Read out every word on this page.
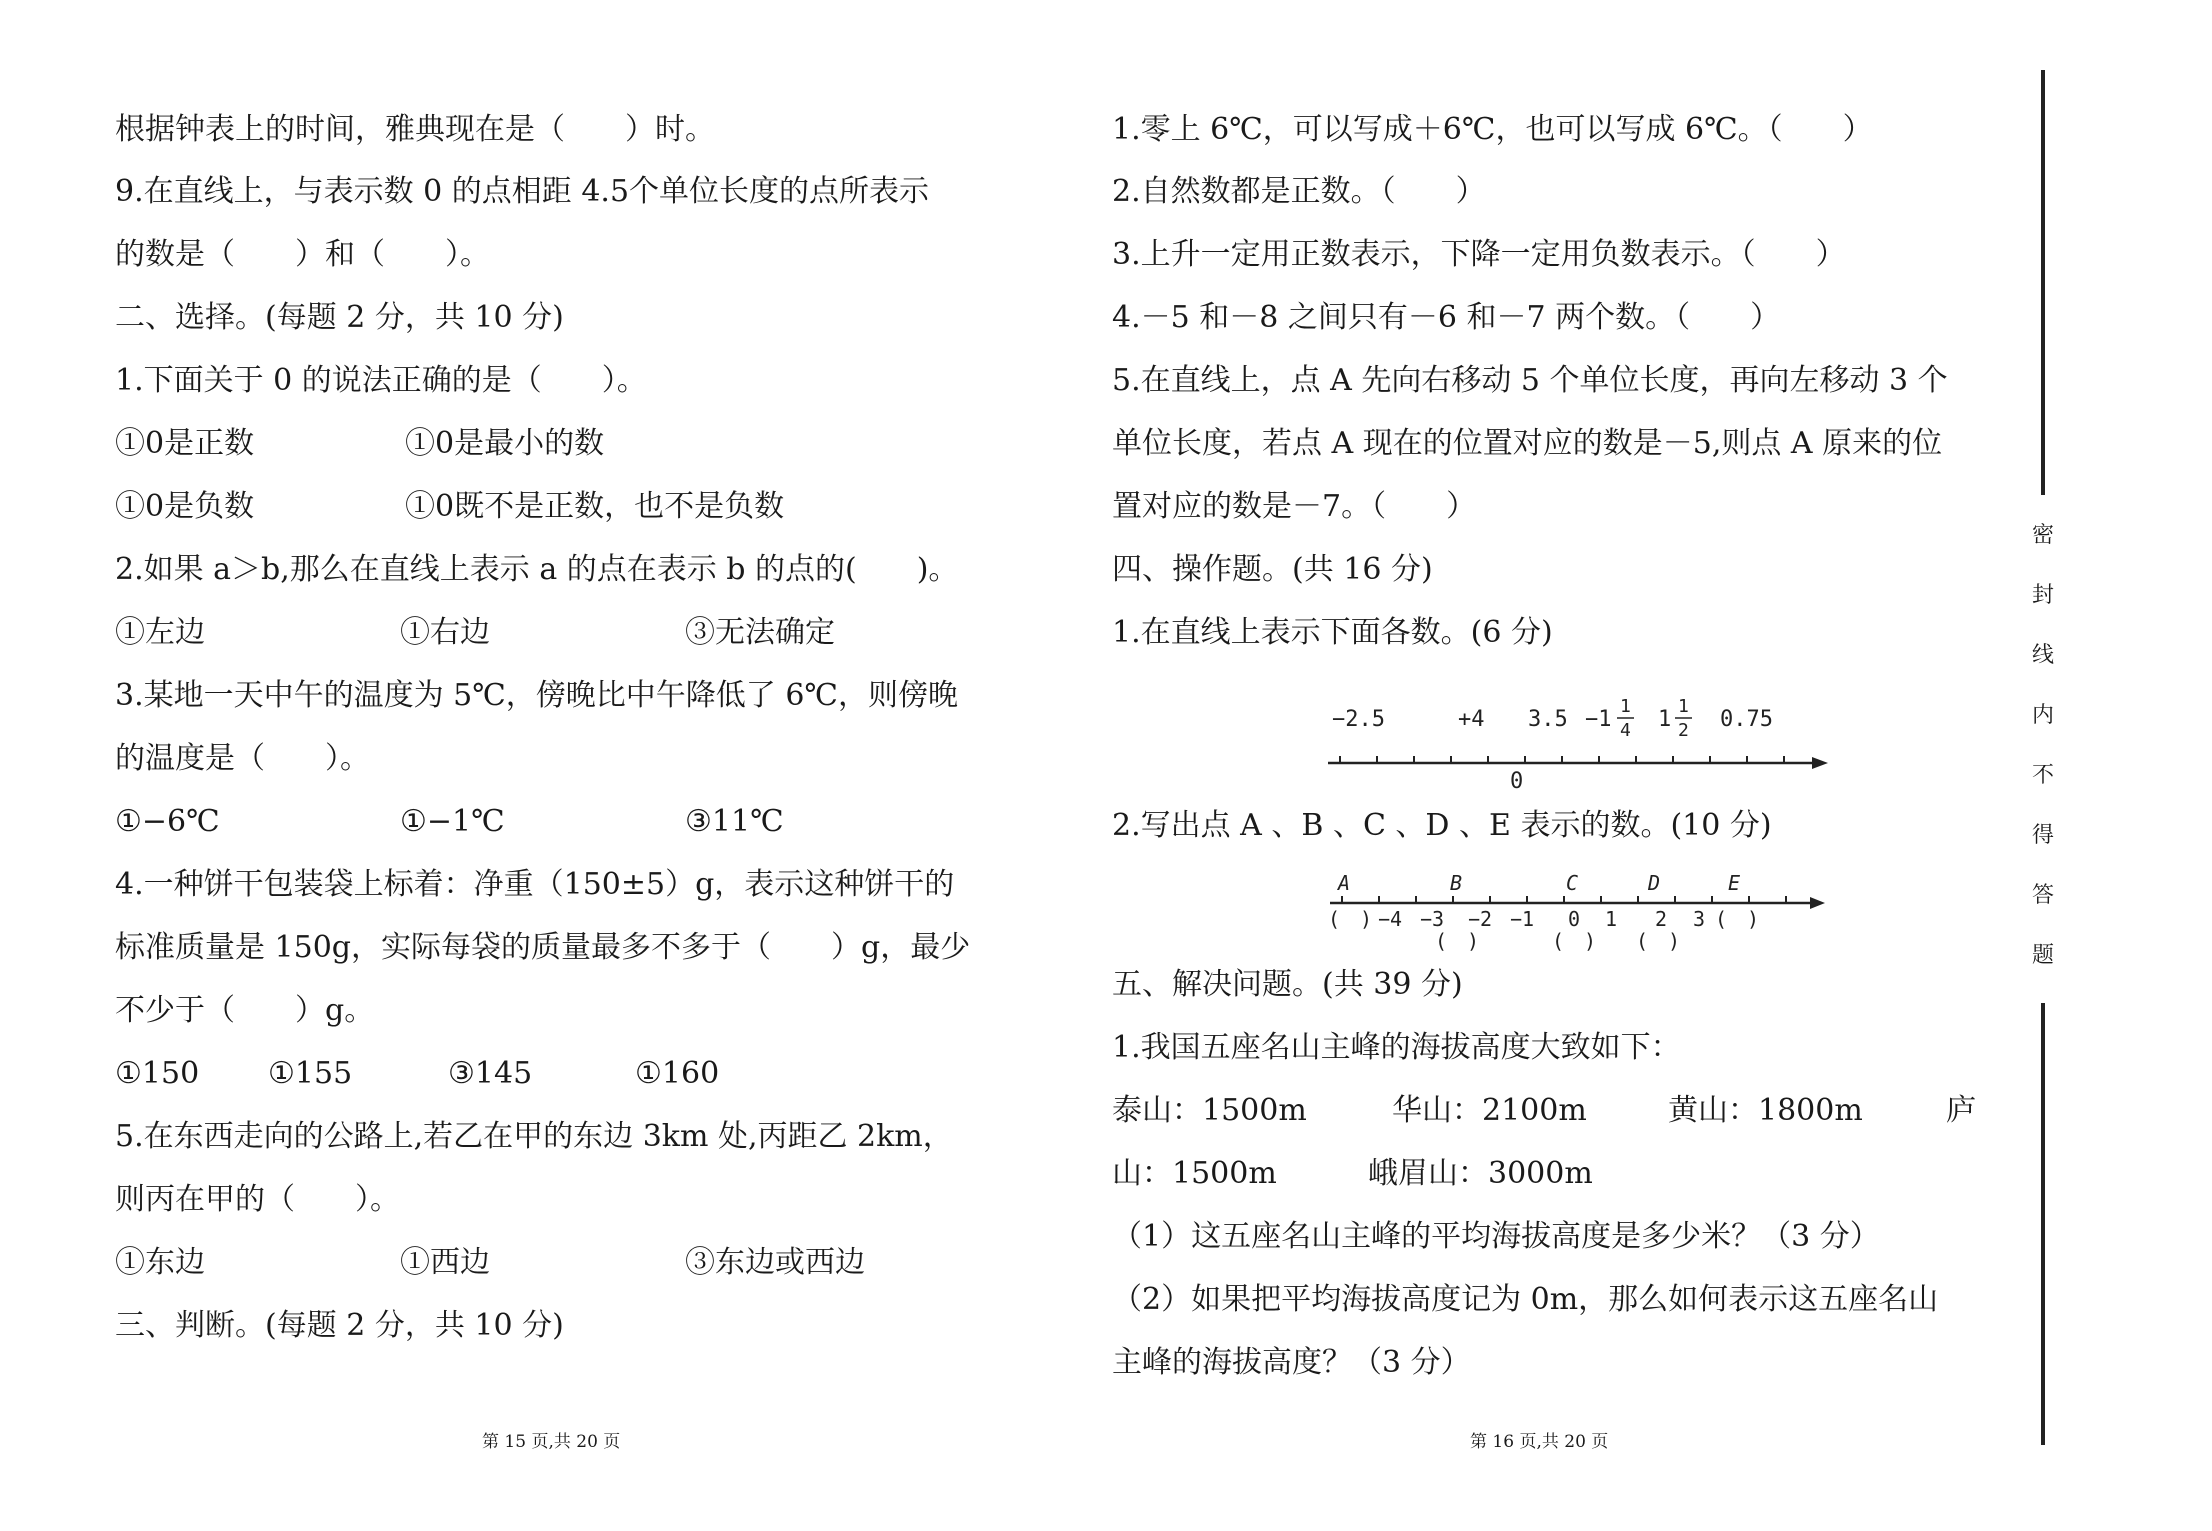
根据钟表上的时间，雅典现在是（　　）时。
9.在直线上，与表示数 0 的点相距 4.5个单位长度的点所表示
的数是（　　）和（　　）。
二、选择。(每题 2 分，共 10 分)
1.下面关于 0 的说法正确的是（　　）。
①0是正数	①0是最小的数
①0是负数	①0既不是正数，也不是负数
2.如果 a＞b,那么在直线上表示 a 的点在表示 b 的点的(　　)。
①左边	①右边	③无法确定
3.某地一天中午的温度为 5℃，傍晚比中午降低了 6℃，则傍晚
的温度是（　　）。
①−6℃	①−1℃	③11℃
4.一种饼干包装袋上标着：净重（150±5）g，表示这种饼干的
标准质量是 150g，实际每袋的质量最多不多于（　　）g，最少
不少于（　　）g。
①150 ①155	③145	①160
5.在东西走向的公路上,若乙在甲的东边 3km 处,丙距乙 2km，
则丙在甲的（　　）。
①东边	①西边	③东边或西边
三、判断。(每题 2 分，共 10 分)
第 15 页,共 20 页
1.零上 6℃，可以写成＋6℃，也可以写成 6℃。（　　）
2.自然数都是正数。（　　）
3.上升一定用正数表示，下降一定用负数表示。（　　）
4.－5 和－8 之间只有－6 和－7 两个数。（　　）
5.在直线上，点 A 先向右移动 5 个单位长度，再向左移动 3 个
单位长度，若点 A 现在的位置对应的数是－5,则点 A 原来的位
置对应的数是－7。（　　）
四、操作题。(共 16 分)
1.在直线上表示下面各数。(6 分)
−2.5	+4 3.5 −1
1
4 1
1
2 0.75
0
2.写出点 A 、B 、C 、D 、E 表示的数。(10 分)
A	B	C	D	E
(　) −4 −3 −2 −1 0 1 2 3 (　)
(　)	(　) (　)
五、解决问题。(共 39 分)
1.我国五座名山主峰的海拔高度大致如下：
泰山：1500m	华山：2100m	黄山：1800m	庐
山：1500m	峨眉山：3000m
（1）这五座名山主峰的平均海拔高度是多少米？（3 分）
（2）如果把平均海拔高度记为 0m，那么如何表示这五座名山
主峰的海拔高度？（3 分）
第 16 页,共 20 页
密
封
线
内
不
得
答
题
